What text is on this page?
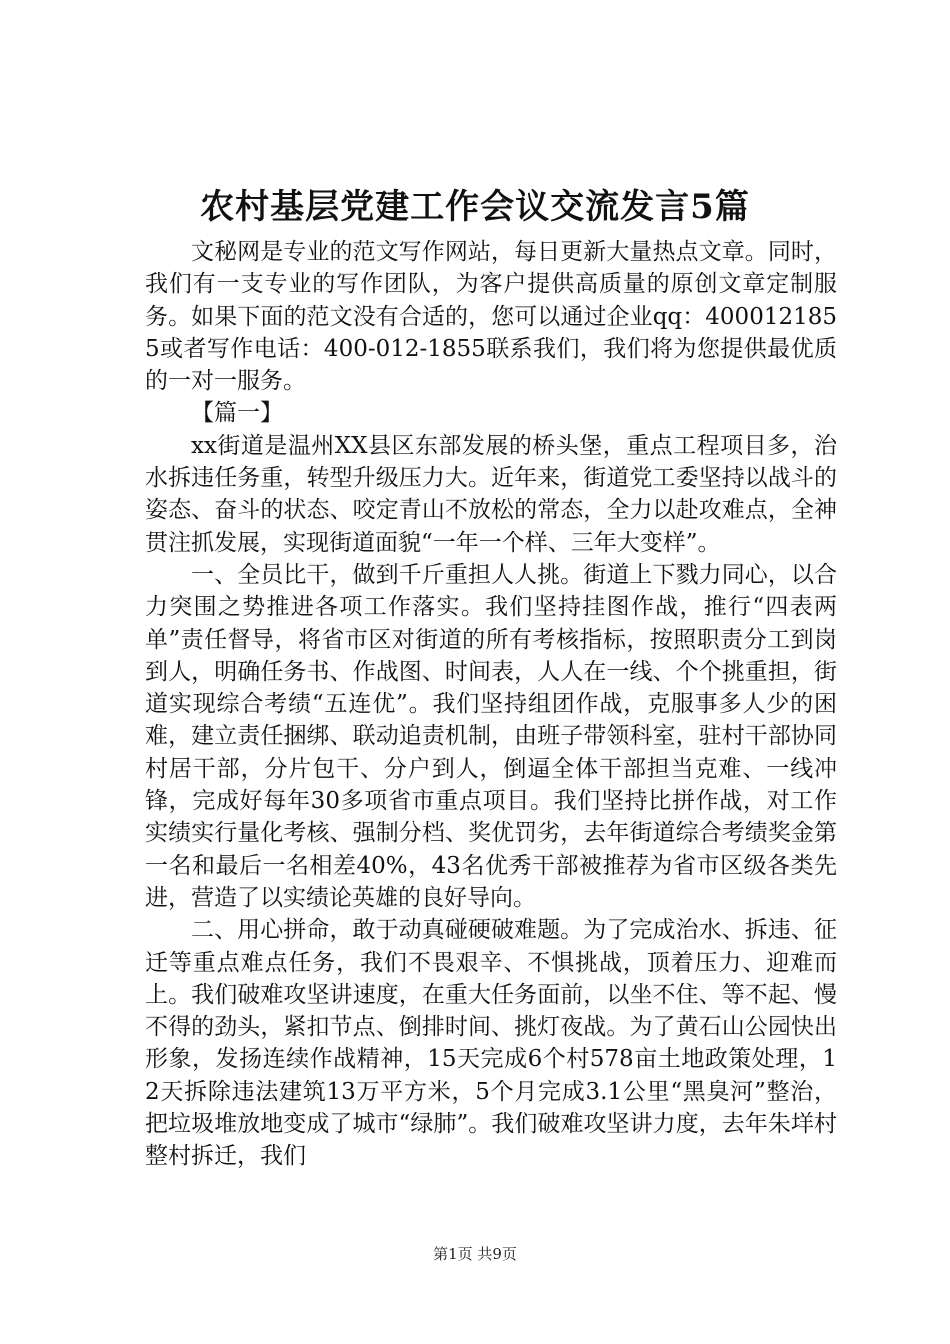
农村基层党建工作会议交流发言5篇

文秘网是专业的范文写作网站，每日更新大量热点文章。同时，我们有一支专业的写作团队，为客户提供高质量的原创文章定制服务。如果下面的范文没有合适的，您可以通过企业qq：4000121855或者写作电话：400-012-1855联系我们，我们将为您提供最优质的一对一服务。

【篇一】

xx街道是温州XX县区东部发展的桥头堡，重点工程项目多，治水拆违任务重，转型升级压力大。近年来，街道党工委坚持以战斗的姿态、奋斗的状态、咬定青山不放松的常态，全力以赴攻难点，全神贯注抓发展，实现街道面貌“一年一个样、三年大变样”。

一、全员比干，做到千斤重担人人挑。街道上下戮力同心，以合力突围之势推进各项工作落实。我们坚持挂图作战，推行“四表两单”责任督导，将省市区对街道的所有考核指标，按照职责分工到岗到人，明确任务书、作战图、时间表，人人在一线、个个挑重担，街道实现综合考绩“五连优”。我们坚持组团作战，克服事多人少的困难，建立责任捆绑、联动追责机制，由班子带领科室，驻村干部协同村居干部，分片包干、分户到人，倒逼全体干部担当克难、一线冲锋，完成好每年30多项省市重点项目。我们坚持比拼作战，对工作实绩实行量化考核、强制分档、奖优罚劣，去年街道综合考绩奖金第一名和最后一名相差40%，43名优秀干部被推荐为省市区级各类先进，营造了以实绩论英雄的良好导向。

二、用心拼命，敢于动真碰硬破难题。为了完成治水、拆违、征迁等重点难点任务，我们不畏艰辛、不惧挑战，顶着压力、迎难而上。我们破难攻坚讲速度，在重大任务面前，以坐不住、等不起、慢不得的劲头，紧扣节点、倒排时间、挑灯夜战。为了黄石山公园快出形象，发扬连续作战精神，15天完成6个村578亩土地政策处理，12天拆除违法建筑13万平方米，5个月完成3.1公里“黑臭河”整治，把垃圾堆放地变成了城市“绿肺”。我们破难攻坚讲力度，去年朱垟村整村拆迁，我们

第1页 共9页
